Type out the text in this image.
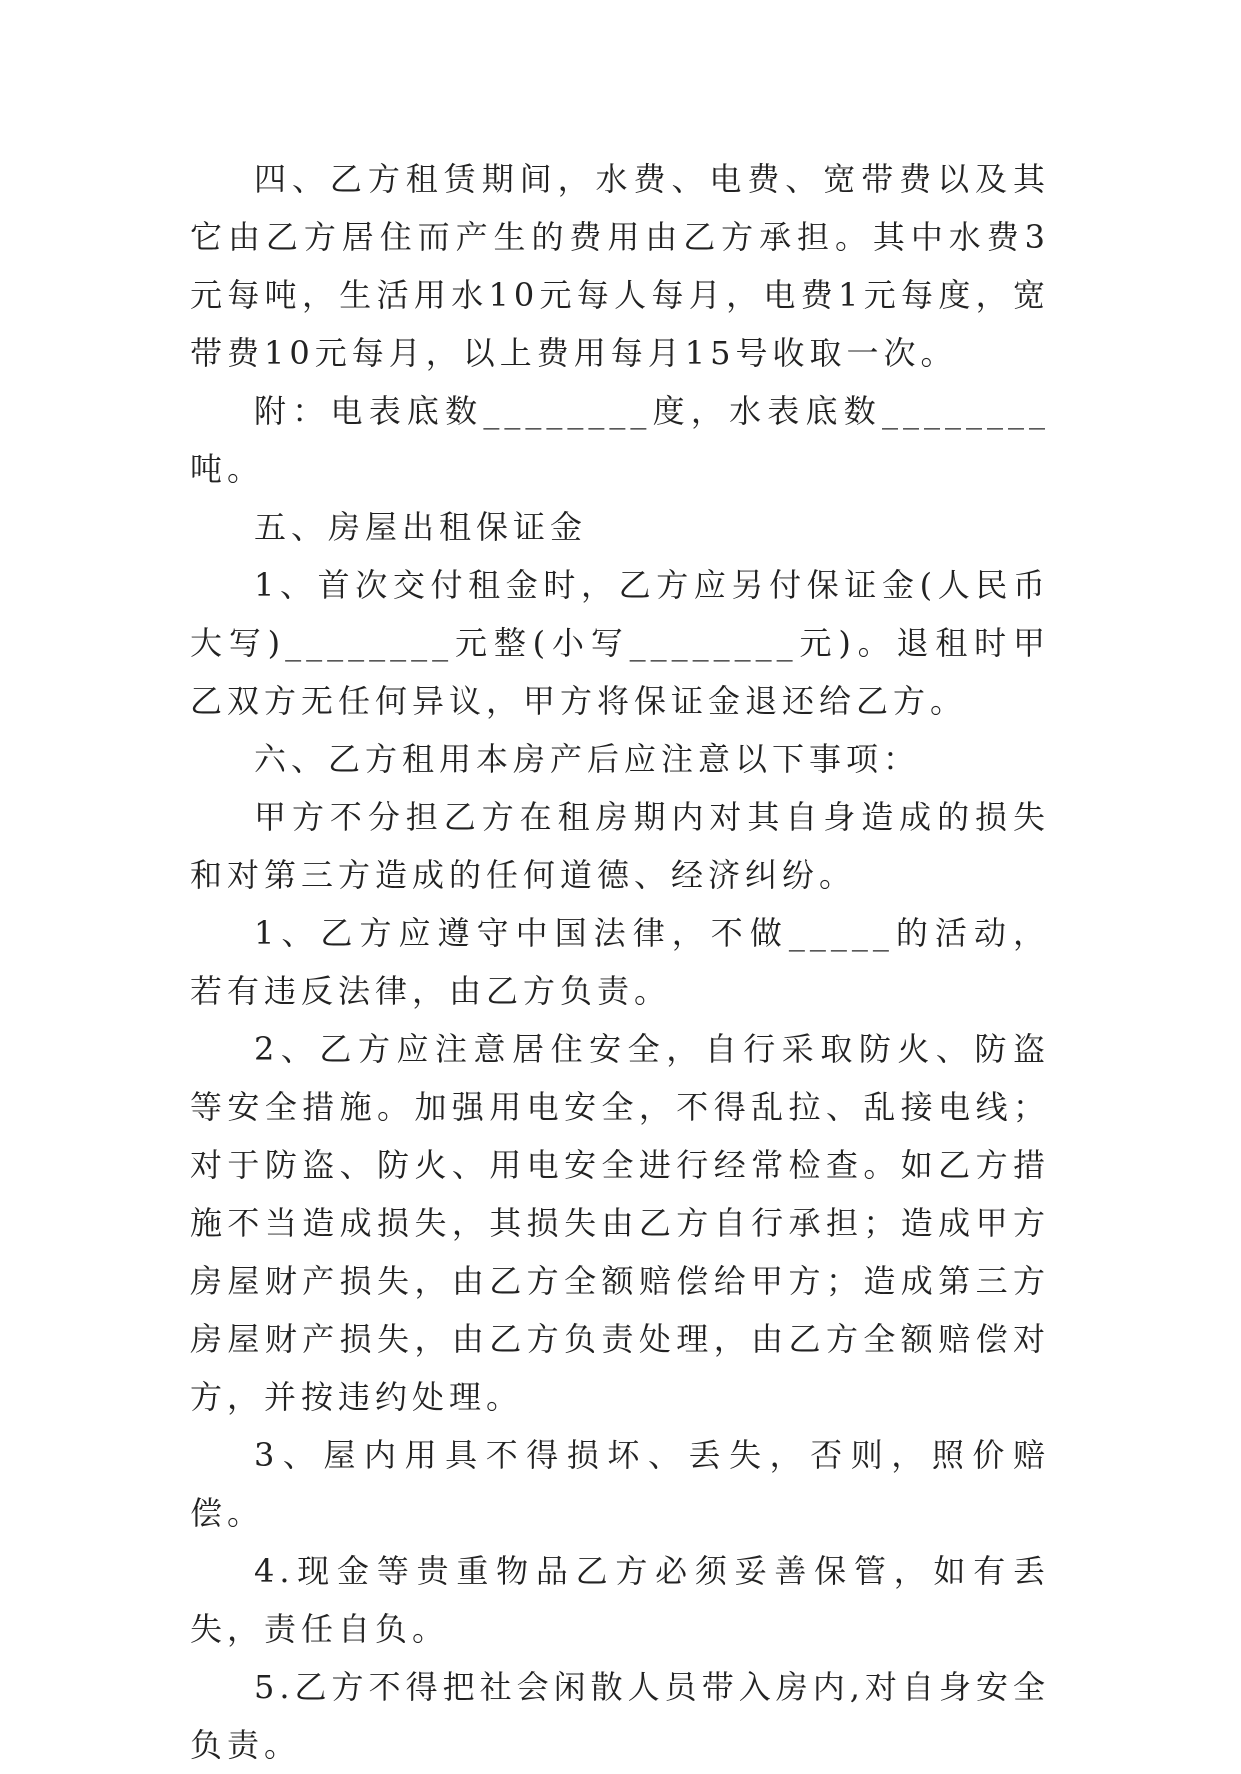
四、乙方租赁期间，水费、电费、宽带费以及其它由乙方居住而产生的费用由乙方承担。其中水费3元每吨，生活用水10元每人每月，电费1元每度，宽带费10元每月，以上费用每月15号收取一次。

附：电表底数________度，水表底数________吨。

五、房屋出租保证金

1、首次交付租金时，乙方应另付保证金(人民币大写)________元整(小写________元)。退租时甲乙双方无任何异议，甲方将保证金退还给乙方。

六、乙方租用本房产后应注意以下事项：

甲方不分担乙方在租房期内对其自身造成的损失和对第三方造成的任何道德、经济纠纷。

1、乙方应遵守中国法律，不做_____的活动，若有违反法律，由乙方负责。

2、乙方应注意居住安全，自行采取防火、防盗等安全措施。加强用电安全，不得乱拉、乱接电线；对于防盗、防火、用电安全进行经常检查。如乙方措施不当造成损失，其损失由乙方自行承担；造成甲方房屋财产损失，由乙方全额赔偿给甲方；造成第三方房屋财产损失，由乙方负责处理，由乙方全额赔偿对方，并按违约处理。

3、屋内用具不得损坏、丢失，否则，照价赔偿。

4.现金等贵重物品乙方必须妥善保管，如有丢失，责任自负。

5.乙方不得把社会闲散人员带入房内,对自身安全负责。
